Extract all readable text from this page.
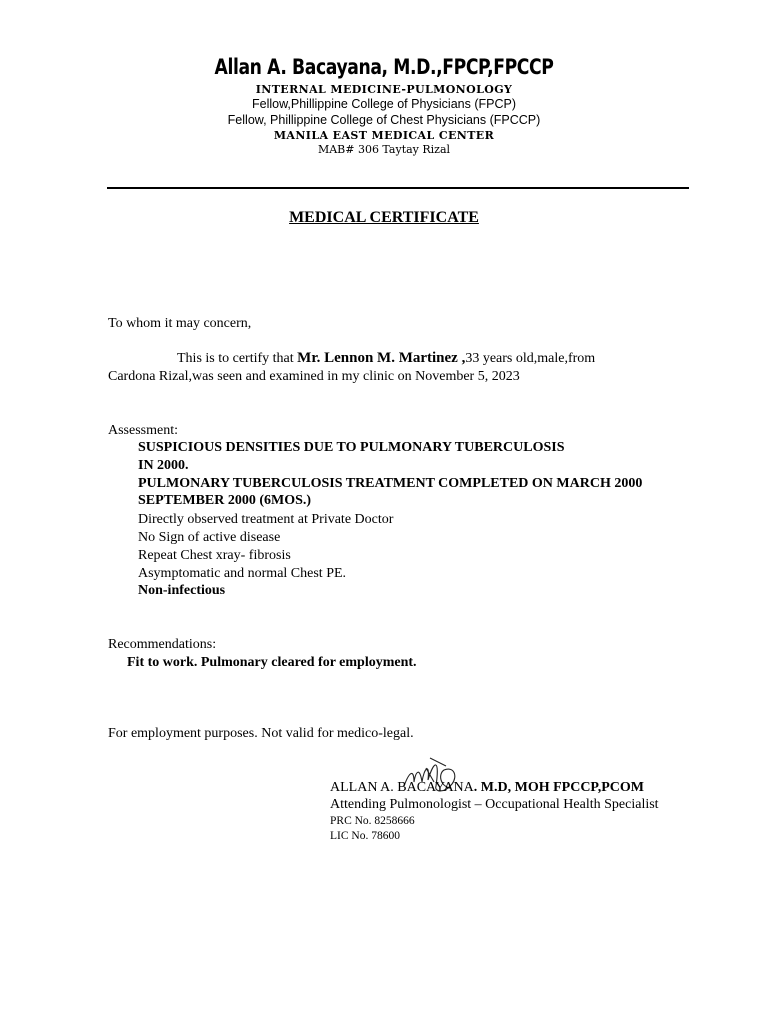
Allan A. Bacayana, M.D.,FPCP,FPCCP
INTERNAL MEDICINE-PULMONOLOGY
Fellow,Phillippine College of Physicians (FPCP)
Fellow, Phillippine College of Chest Physicians (FPCCP)
MANILA EAST MEDICAL CENTER
MAB# 306 Taytay Rizal
MEDICAL CERTIFICATE
To whom it may concern,
This is to certify that Mr. Lennon M. Martinez ,33 years old,male,from
Cardona Rizal,was seen and examined in my clinic on November 5, 2023
Assessment:
SUSPICIOUS DENSITIES DUE TO PULMONARY TUBERCULOSIS
IN 2000.
PULMONARY TUBERCULOSIS TREATMENT COMPLETED ON MARCH 2000
SEPTEMBER 2000 (6MOS.)
Directly observed treatment at Private Doctor
No Sign of active disease
Repeat Chest xray- fibrosis
Asymptomatic and normal Chest PE.
Non-infectious
Recommendations:
Fit to work. Pulmonary cleared for employment.
For employment purposes. Not valid for medico-legal.
ALLAN A. BACAYANA. M.D, MOH FPCCP,PCOM
Attending Pulmonologist – Occupational Health Specialist
PRC No. 8258666
LIC No. 78600
